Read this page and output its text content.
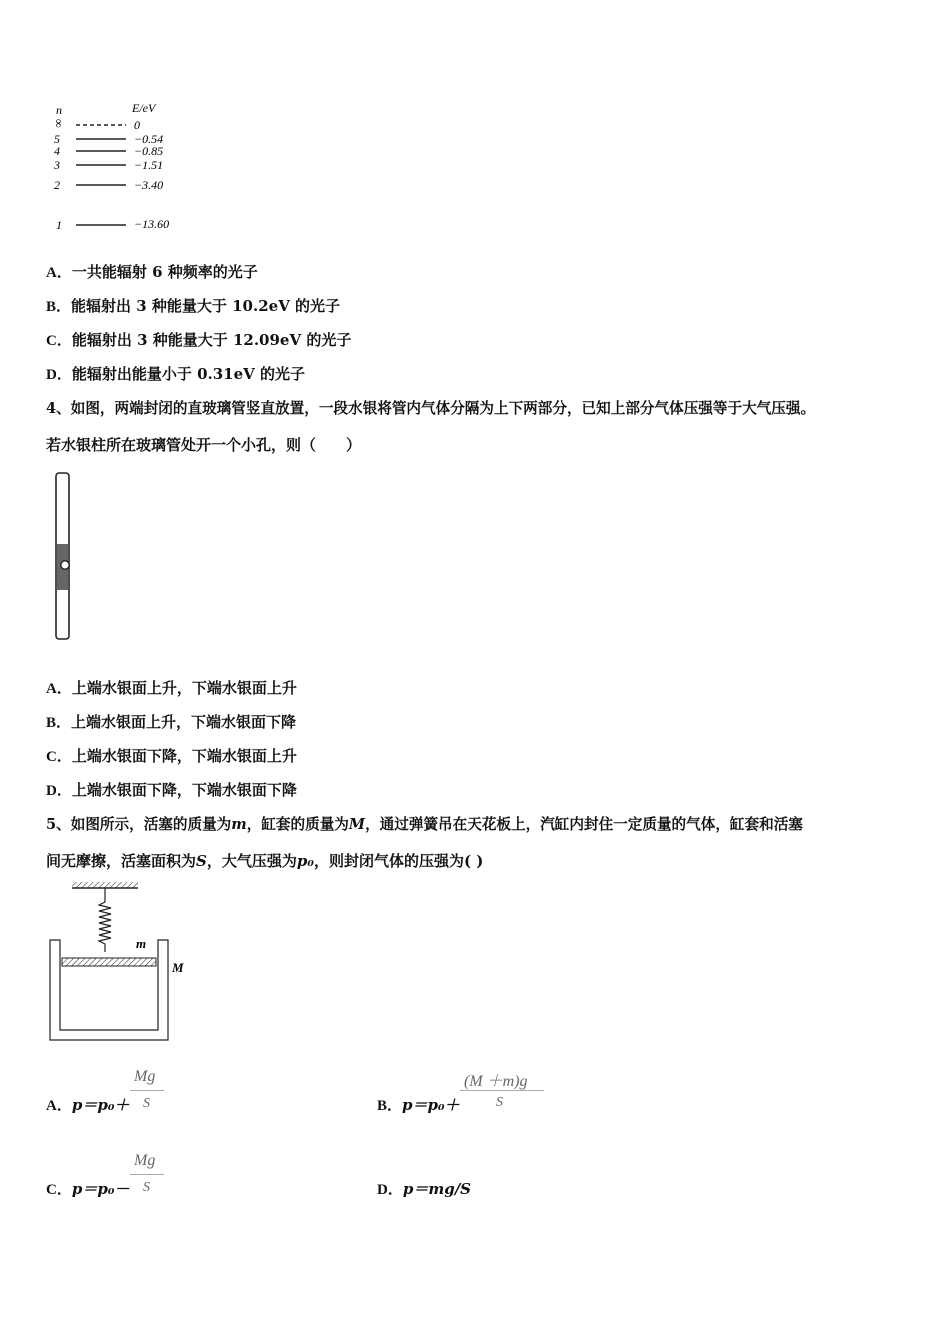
n	E/eV
∞	0
5	−0.54
4	−0.85
3	−1.51
2	−3.40
1	−13.60
A．一共能辐射 6 种频率的光子
B．能辐射出 3 种能量大于 10.2eV 的光子
C．能辐射出 3 种能量大于 12.09eV 的光子
D．能辐射出能量小于 0.31eV 的光子
4、如图，两端封闭的直玻璃管竖直放置，一段水银将管内气体分隔为上下两部分，已知上部分气体压强等于大气压强。
若水银柱所在玻璃管处开一个小孔，则（　　）
A．上端水银面上升，下端水银面上升
B．上端水银面上升，下端水银面下降
C．上端水银面下降，下端水银面上升
D．上端水银面下降，下端水银面下降
5、如图所示，活塞的质量为m，缸套的质量为M，通过弹簧吊在天花板上，汽缸内封住一定质量的气体，缸套和活塞
间无摩擦，活塞面积为S，大气压强为p₀，则封闭气体的压强为( )
m
M
A．p＝p₀＋
Mg
S	B．p＝p₀＋
(M ＋m)g
S
C．p＝p₀－
Mg
S	D．p＝mg/S
